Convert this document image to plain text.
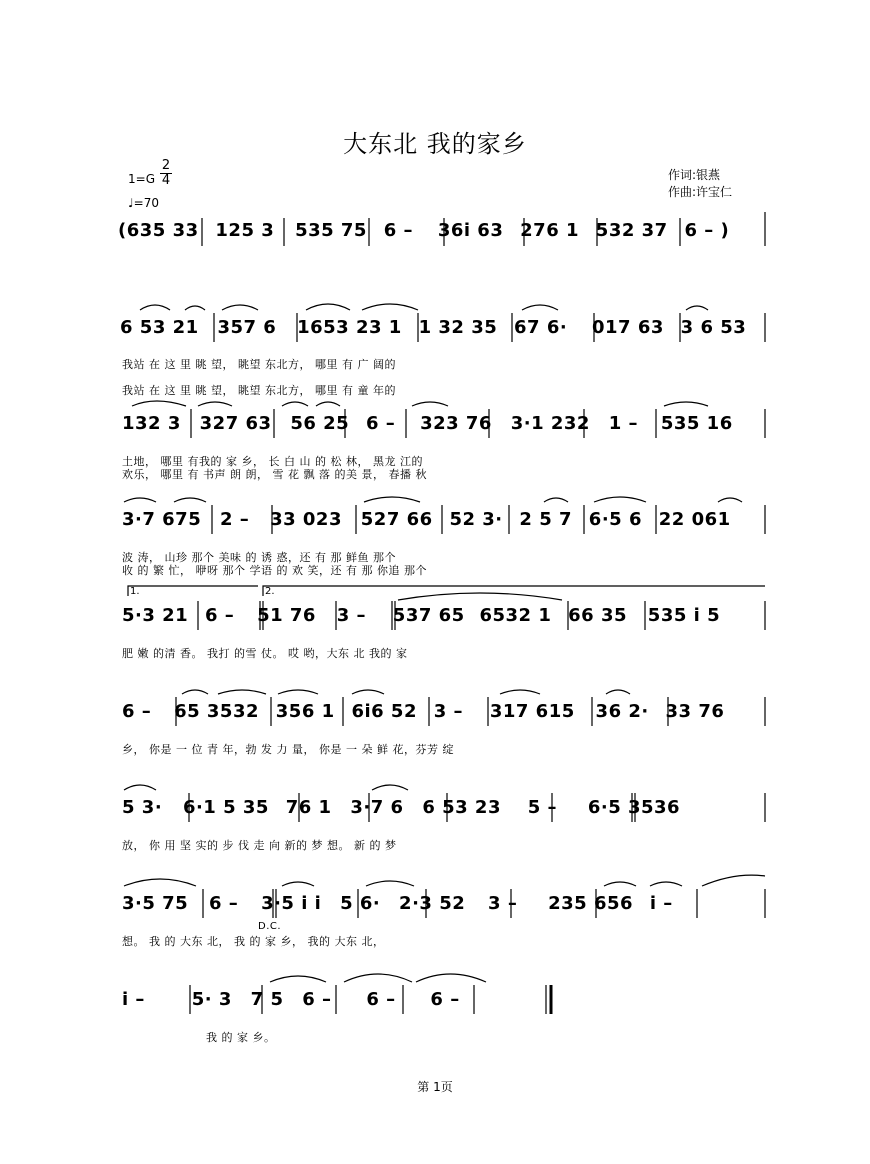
大东北 我的家乡
1=G
2
4
♩=70
作词:银燕
作曲:许宝仁
(635 33 125 3 535 75 6 – 36i 63 276 1 532 37 6 – )
6 53 21 357 6 1653 23 1 1 32 35 67 6· 017 63 3 6 53
我站 在 这 里 眺 望， 眺望 东北方， 哪里 有 广 阔的
我站 在 这 里 眺 望， 眺望 东北方， 哪里 有 童 年的
132 3 327 63 56 25 6 – 323 76 3·1 232 1 – 535 16
土地， 哪里 有我的 家 乡， 长 白 山 的 松 林， 黑龙 江的
欢乐， 哪里 有 书声 朗 朗， 雪 花 飘 落 的美 景， 春播 秋
3·7 675 2 – 33 023 527 66 52 3· 2 5 7 6·5 6 22 061
波 涛， 山珍 那个 美味 的 诱 惑，还 有 那 鲜鱼 那个
收 的 繁 忙， 咿呀 那个 学语 的 欢 笑，还 有 那 你追 那个
1.	2.
5·3 21 6 – 51 76 3 – 537 65 6532 1 66 35 535 i 5
肥 嫩 的清 香。 我打 的雪 仗。 哎 哟，大东 北 我的 家
6 – 65 3532 356 1 6i6 52 3 – 317 615 36 2· 33 76
乡， 你是 一 位 青 年，勃 发 力 量， 你是 一 朵 鲜 花，芬芳 绽
5 3· 6·1 5 35 76 1 3·7 6 6 53 23 5 – 6·5 3536
放， 你 用 坚 实的 步 伐 走 向 新的 梦 想。 新 的 梦
3·5 75 6 – 3·5 i i 5 6· 2·3 52 3 – 235 656 i –
D.C.
想。 我 的 大东 北， 我 的 家 乡， 我的 大东 北，
i –	5· 3 7 5 6 – 6 – 6 –
我 的 家 乡。
第 1页
